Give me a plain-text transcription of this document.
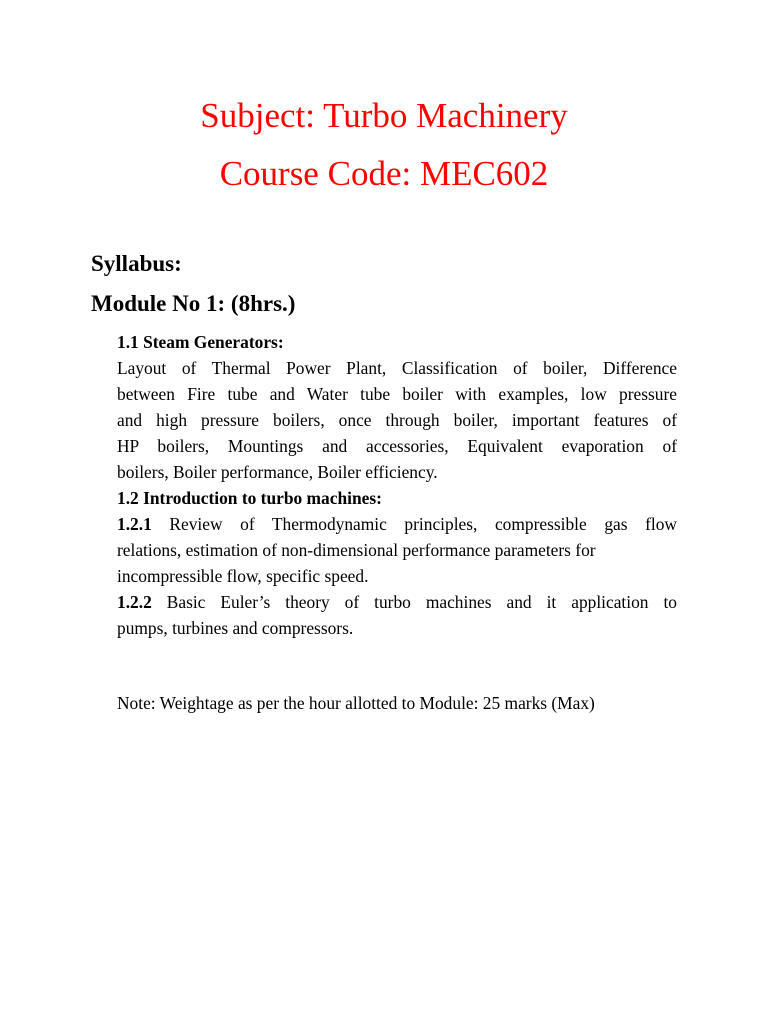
Subject: Turbo Machinery
Course Code: MEC602
Syllabus:
Module No 1: (8hrs.)
1.1 Steam Generators:
Layout of Thermal Power Plant, Classification of boiler, Difference
between Fire tube and Water tube boiler with examples, low pressure
and high pressure boilers, once through boiler, important features of
HP boilers, Mountings and accessories, Equivalent evaporation of
boilers, Boiler performance, Boiler efficiency.
1.2 Introduction to turbo machines:
1.2.1 Review of Thermodynamic principles, compressible gas flow
relations, estimation of non-dimensional performance parameters for
incompressible flow, specific speed.
1.2.2 Basic Euler’s theory of turbo machines and it application to
pumps, turbines and compressors.
Note: Weightage as per the hour allotted to Module: 25 marks (Max)
